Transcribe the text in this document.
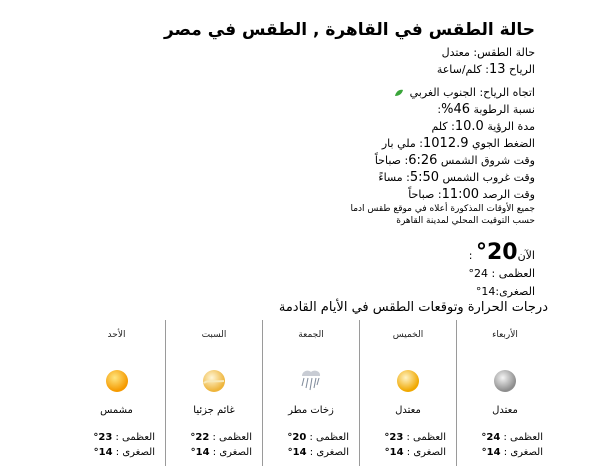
حالة الطقس في القاهرة , الطقس في مصر
حالة الطقس: معتدل
الرياح 13: كلم/ساعة
اتجاه الرياح: الجنوب الغربي
نسبة الرطوبة 46%:
مدة الرؤية 10.0: كلم
الضغط الجوي 1012.9: ملي بار
وقت شروق الشمس 6:26: صباحاً
وقت غروب الشمس 5:50: مساءً
وقت الرصد 11:00: صباحاً
جميع الأوقات المذكورة أعلاه في موقع طقس ادما
حسب التوقيت المحلي لمدينة القاهرة
الآن20° :
العظمى : 24°
الصغرى:14°
درجات الحرارة وتوقعات الطقس في الأيام القادمة
الأربعاء
معتدل
العظمى : 24°
الصغرى : 14°
الخميس
معتدل
العظمى : 23°
الصغرى : 14°
الجمعة
زخات مطر
العظمى : 20°
الصغرى : 14°
السبت
غائم جزئيا
العظمى : 22°
الصغرى : 14°
الأحد
مشمس
العظمى : 23°
الصغرى : 14°
